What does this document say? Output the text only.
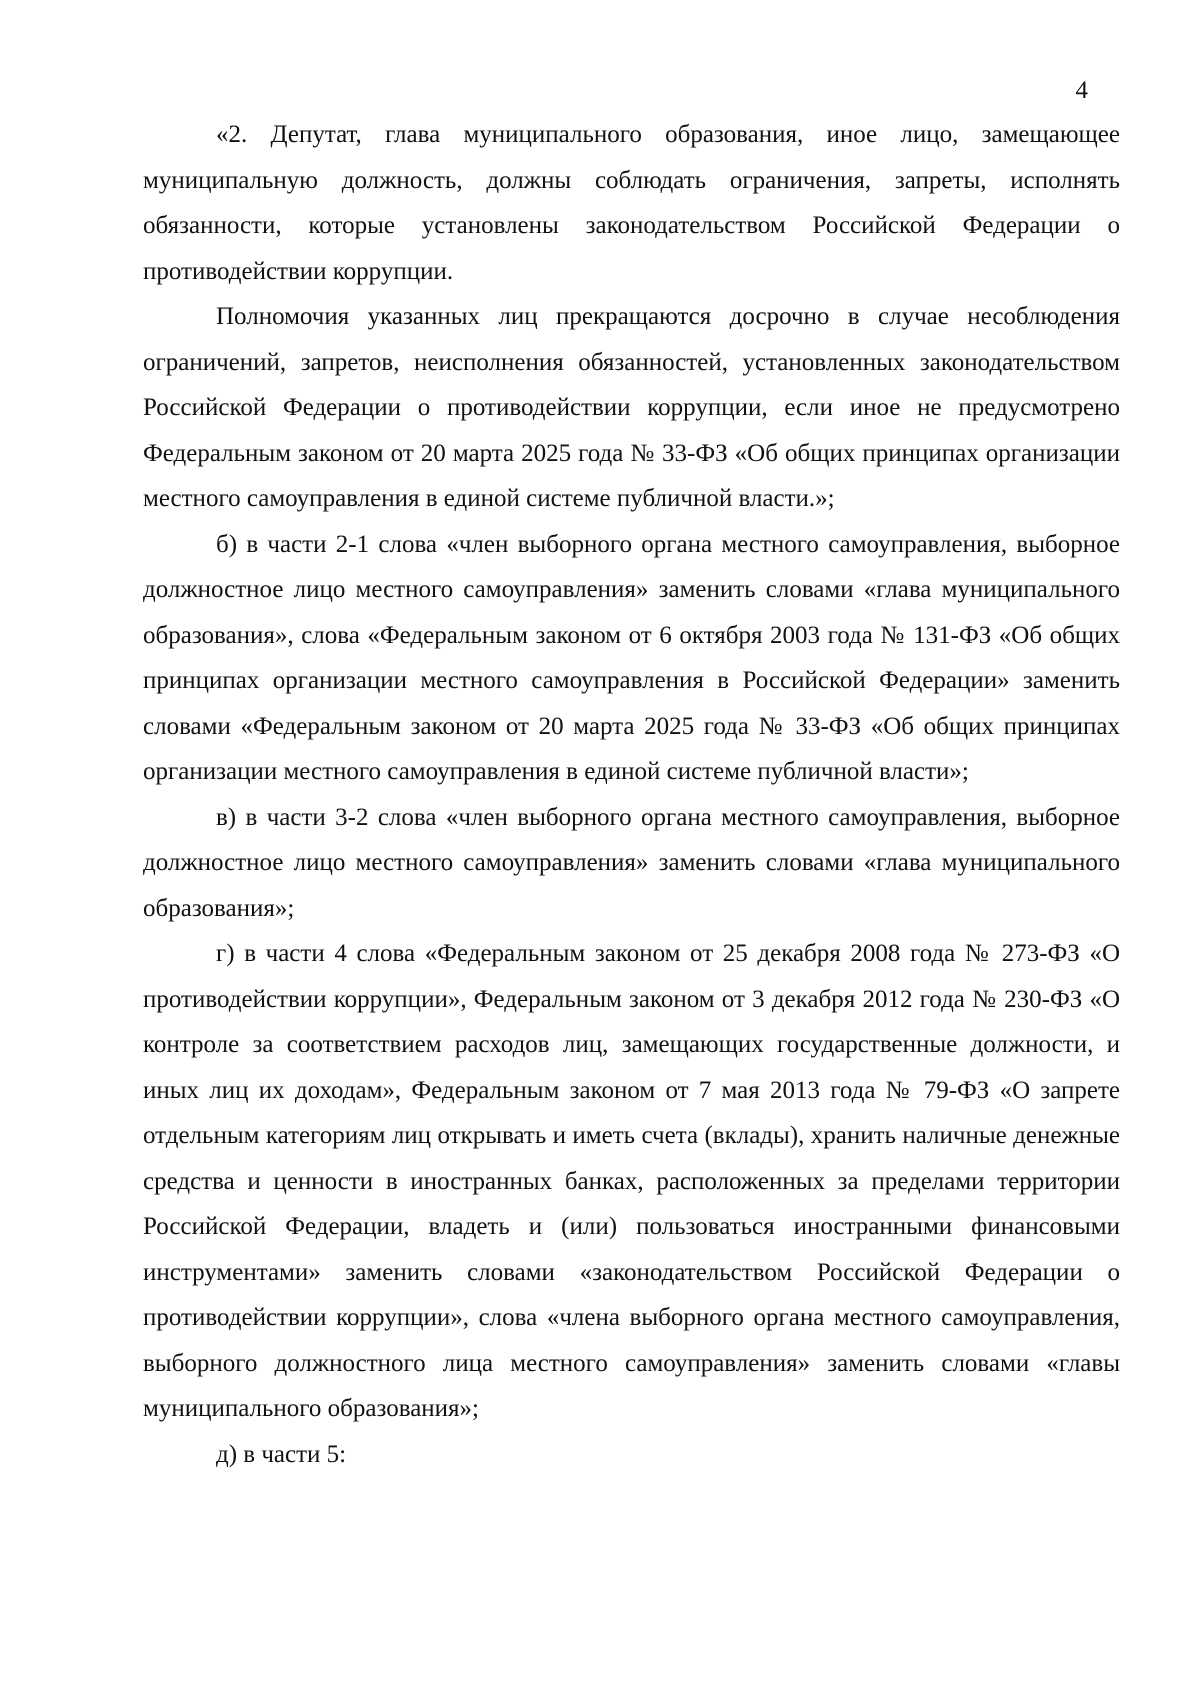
4

«2. Депутат, глава муниципального образования, иное лицо, замещающее муниципальную должность, должны соблюдать ограничения, запреты, исполнять обязанности, которые установлены законодательством Российской Федерации о противодействии коррупции.

Полномочия указанных лиц прекращаются досрочно в случае несоблюдения ограничений, запретов, неисполнения обязанностей, установленных законодательством Российской Федерации о противодействии коррупции, если иное не предусмотрено Федеральным законом от 20 марта 2025 года № 33-ФЗ «Об общих принципах организации местного самоуправления в единой системе публичной власти.»;

б) в части 2-1 слова «член выборного органа местного самоуправления, выборное должностное лицо местного самоуправления» заменить словами «глава муниципального образования», слова «Федеральным законом от 6 октября 2003 года № 131-ФЗ «Об общих принципах организации местного самоуправления в Российской Федерации» заменить словами «Федеральным законом от 20 марта 2025 года № 33-ФЗ «Об общих принципах организации местного самоуправления в единой системе публичной власти»;

в) в части 3-2 слова «член выборного органа местного самоуправления, выборное должностное лицо местного самоуправления» заменить словами «глава муниципального образования»;

г) в части 4 слова «Федеральным законом от 25 декабря 2008 года № 273-ФЗ «О противодействии коррупции», Федеральным законом от 3 декабря 2012 года № 230-ФЗ «О контроле за соответствием расходов лиц, замещающих государственные должности, и иных лиц их доходам», Федеральным законом от 7 мая 2013 года № 79-ФЗ «О запрете отдельным категориям лиц открывать и иметь счета (вклады), хранить наличные денежные средства и ценности в иностранных банках, расположенных за пределами территории Российской Федерации, владеть и (или) пользоваться иностранными финансовыми инструментами» заменить словами «законодательством Российской Федерации о противодействии коррупции», слова «члена выборного органа местного самоуправления, выборного должностного лица местного самоуправления» заменить словами «главы муниципального образования»;

д) в части 5:
